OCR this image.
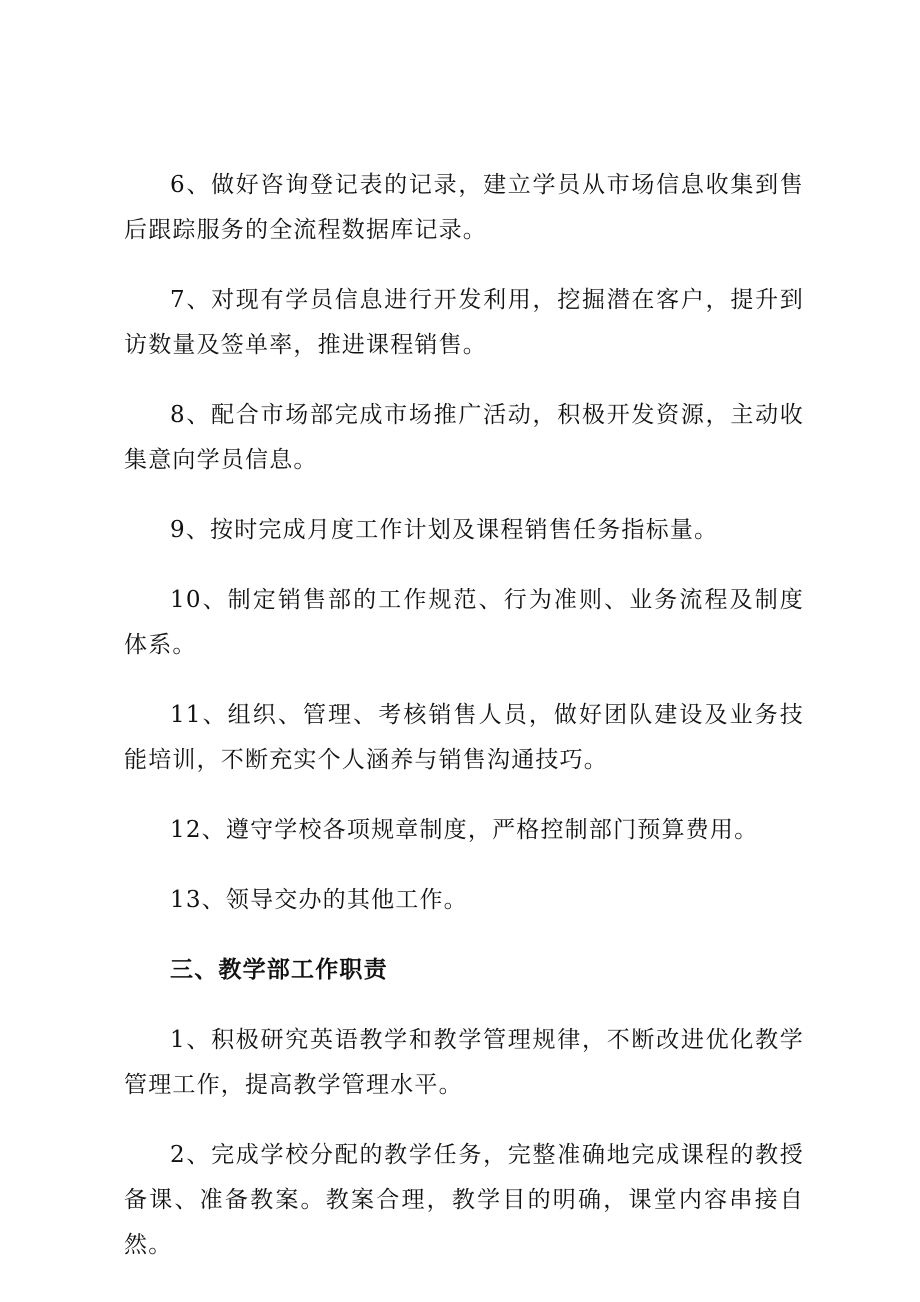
6、做好咨询登记表的记录，建立学员从市场信息收集到售后跟踪服务的全流程数据库记录。

7、对现有学员信息进行开发利用，挖掘潜在客户，提升到访数量及签单率，推进课程销售。

8、配合市场部完成市场推广活动，积极开发资源，主动收集意向学员信息。

9、按时完成月度工作计划及课程销售任务指标量。

10、制定销售部的工作规范、行为准则、业务流程及制度体系。

11、组织、管理、考核销售人员，做好团队建设及业务技能培训，不断充实个人涵养与销售沟通技巧。

12、遵守学校各项规章制度，严格控制部门预算费用。

13、领导交办的其他工作。

三、教学部工作职责

1、积极研究英语教学和教学管理规律，不断改进优化教学管理工作，提高教学管理水平。

2、完成学校分配的教学任务，完整准确地完成课程的教授备课、准备教案。教案合理，教学目的明确，课堂内容串接自然。
